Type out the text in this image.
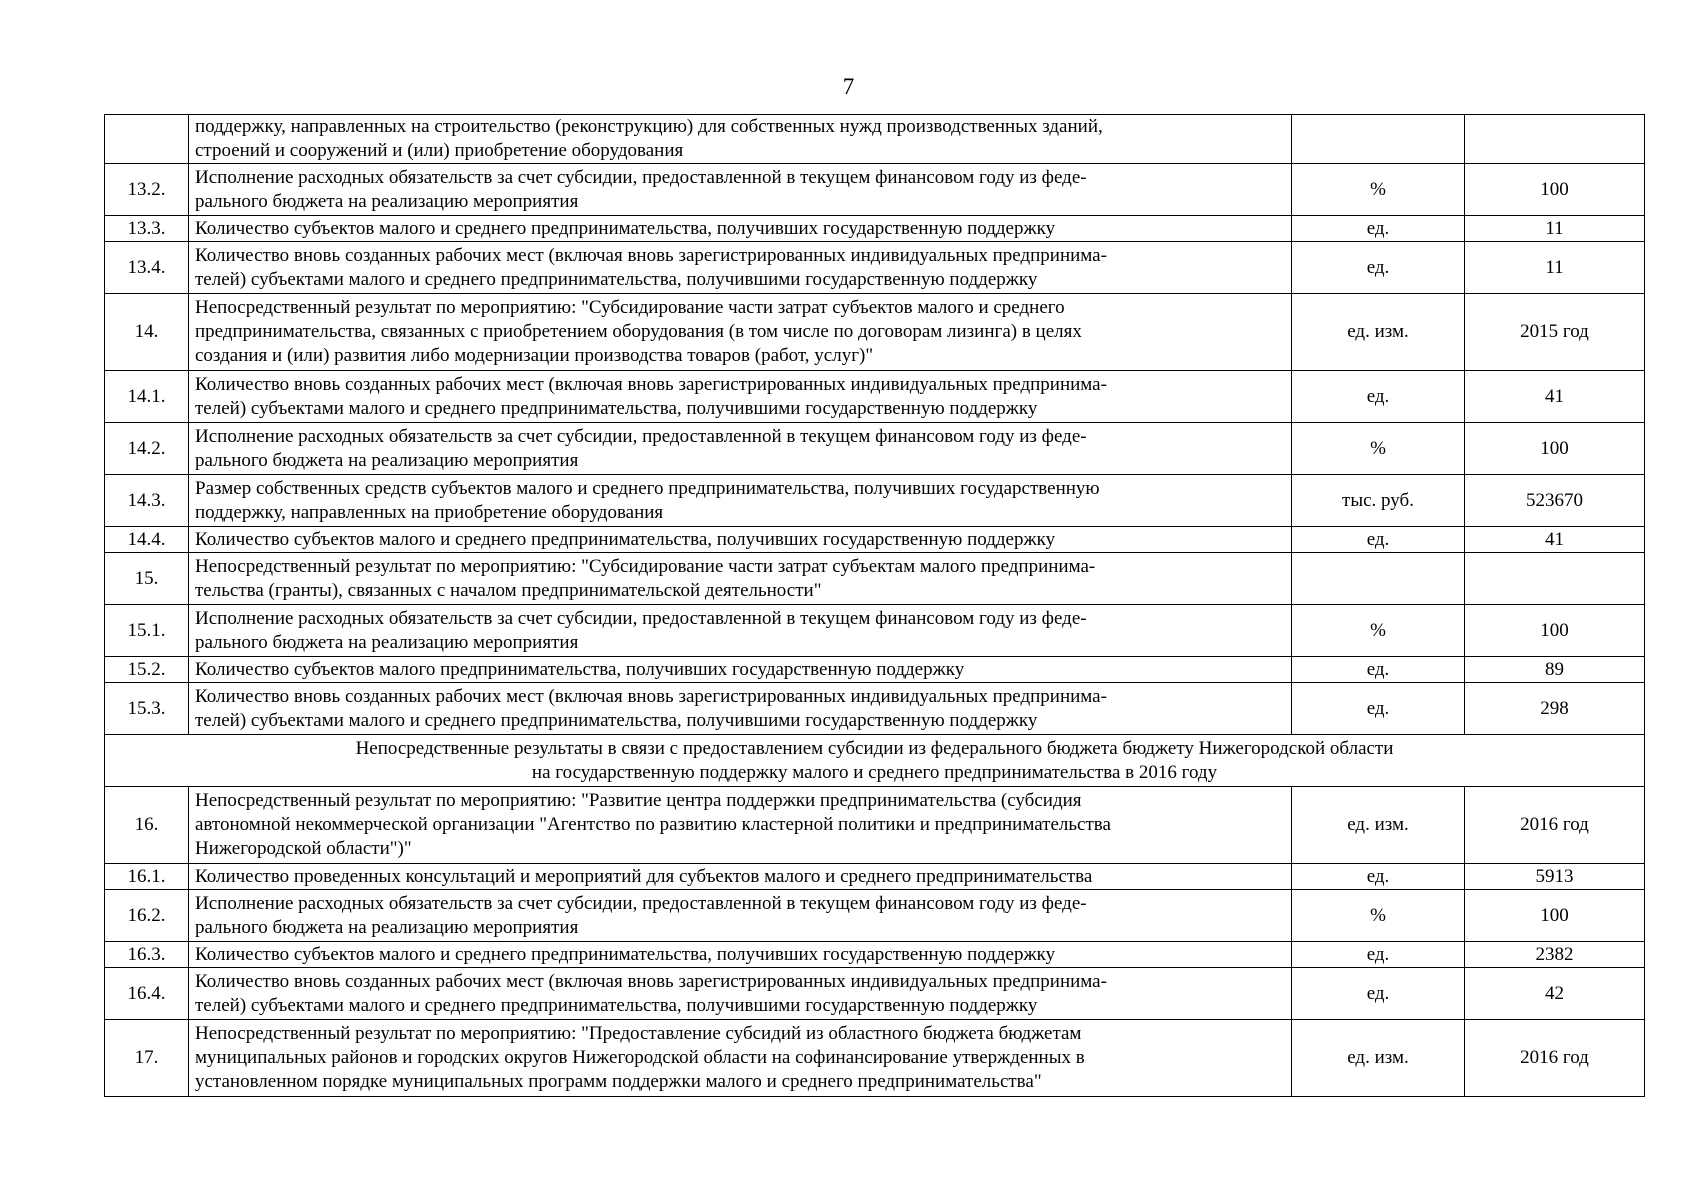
7
	поддержку, направленных на строительство (реконструкцию) для собственных нужд производственных зданий,
строений и сооружений и (или) приобретение оборудования		
13.2.	Исполнение расходных обязательств за счет субсидии, предоставленной в текущем финансовом году из феде-
рального бюджета на реализацию мероприятия	%	100
13.3.	Количество субъектов малого и среднего предпринимательства, получивших государственную поддержку	ед.	11
13.4.	Количество вновь созданных рабочих мест (включая вновь зарегистрированных индивидуальных предпринима-
телей) субъектами малого и среднего предпринимательства, получившими государственную поддержку	ед.	11
14.	Непосредственный результат по мероприятию: "Субсидирование части затрат субъектов малого и среднего
предпринимательства, связанных с приобретением оборудования (в том числе по договорам лизинга) в целях
создания и (или) развития либо модернизации производства товаров (работ, услуг)"	ед. изм.	2015 год
14.1.	Количество вновь созданных рабочих мест (включая вновь зарегистрированных индивидуальных предпринима-
телей) субъектами малого и среднего предпринимательства, получившими государственную поддержку	ед.	41
14.2.	Исполнение расходных обязательств за счет субсидии, предоставленной в текущем финансовом году из феде-
рального бюджета на реализацию мероприятия	%	100
14.3.	Размер собственных средств субъектов малого и среднего предпринимательства, получивших государственную
поддержку, направленных на приобретение оборудования	тыс. руб.	523670
14.4.	Количество субъектов малого и среднего предпринимательства, получивших государственную поддержку	ед.	41
15.	Непосредственный результат по мероприятию: "Субсидирование части затрат субъектам малого предпринима-
тельства (гранты), связанных с началом предпринимательской деятельности"		
15.1.	Исполнение расходных обязательств за счет субсидии, предоставленной в текущем финансовом году из феде-
рального бюджета на реализацию мероприятия	%	100
15.2.	Количество субъектов малого предпринимательства, получивших государственную поддержку	ед.	89
15.3.	Количество вновь созданных рабочих мест (включая вновь зарегистрированных индивидуальных предпринима-
телей) субъектами малого и среднего предпринимательства, получившими государственную поддержку	ед.	298
Непосредственные результаты в связи с предоставлением субсидии из федерального бюджета бюджету Нижегородской области
на государственную поддержку малого и среднего предпринимательства в 2016 году			
16.	Непосредственный результат по мероприятию: "Развитие центра поддержки предпринимательства (субсидия
автономной некоммерческой организации "Агентство по развитию кластерной политики и предпринимательства
Нижегородской области")"	ед. изм.	2016 год
16.1.	Количество проведенных консультаций и мероприятий для субъектов малого и среднего предпринимательства	ед.	5913
16.2.	Исполнение расходных обязательств за счет субсидии, предоставленной в текущем финансовом году из феде-
рального бюджета на реализацию мероприятия	%	100
16.3.	Количество субъектов малого и среднего предпринимательства, получивших государственную поддержку	ед.	2382
16.4.	Количество вновь созданных рабочих мест (включая вновь зарегистрированных индивидуальных предпринима-
телей) субъектами малого и среднего предпринимательства, получившими государственную поддержку	ед.	42
17.	Непосредственный результат по мероприятию: "Предоставление субсидий из областного бюджета бюджетам
муниципальных районов и городских округов Нижегородской области на софинансирование утвержденных в
установленном порядке муниципальных программ поддержки малого и среднего предпринимательства"	ед. изм.	2016 год
